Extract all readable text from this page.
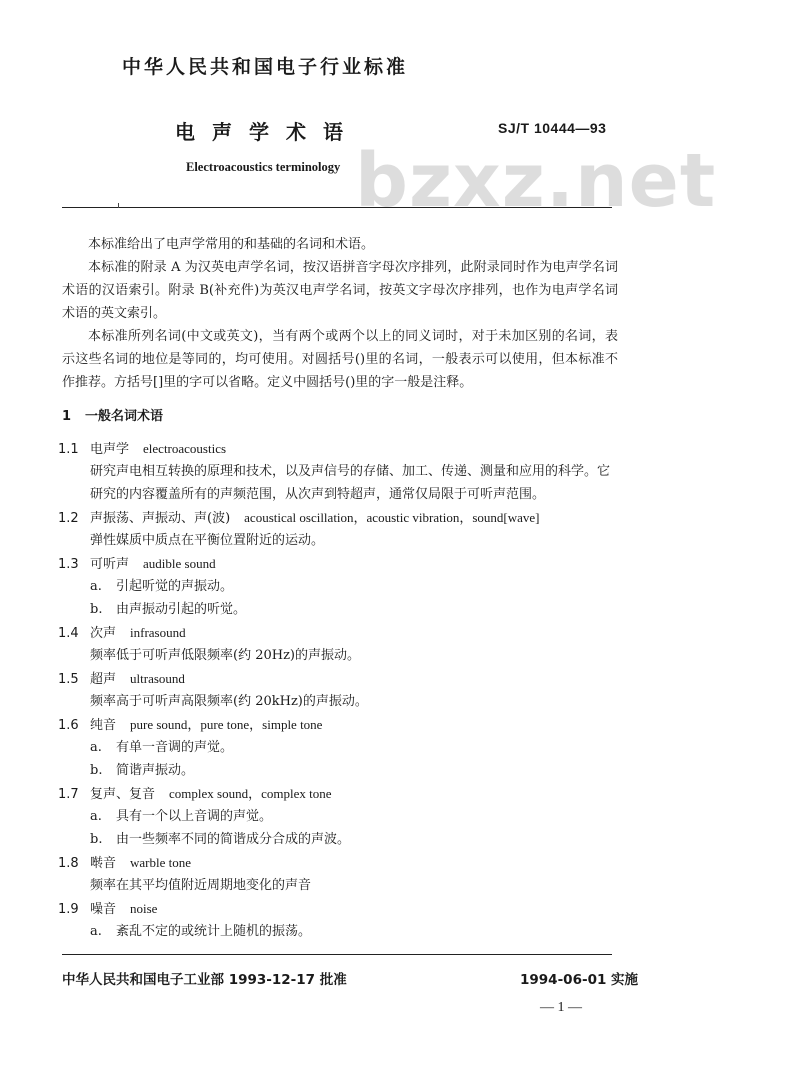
中华人民共和国电子行业标准
电声学术语	SJ/T 10444—93
bzxz.net
Electroacoustics terminology

本标准给出了电声学常用的和基础的名词和术语。

本标准的附录 A 为汉英电声学名词，按汉语拼音字母次序排列，此附录同时作为电声学名词术语的汉语索引。附录 B(补充件)为英汉电声学名词，按英文字母次序排列，也作为电声学名词术语的英文索引。

本标准所列名词(中文或英文)，当有两个或两个以上的同义词时，对于未加区别的名词，表示这些名词的地位是等同的，均可使用。对圆括号()里的名词，一般表示可以使用，但本标准不作推荐。方括号[]里的字可以省略。定义中圆括号()里的字一般是注释。

1 一般名词术语
1.1 电声学 electroacoustics
研究声电相互转换的原理和技术，以及声信号的存储、加工、传递、测量和应用的科学。它
研究的内容覆盖所有的声频范围，从次声到特超声，通常仅局限于可听声范围。
1.2 声振荡、声振动、声(波) acoustical oscillation，acoustic vibration，sound[wave]
弹性媒质中质点在平衡位置附近的运动。
1.3 可听声 audible sound
a. 引起听觉的声振动。
b. 由声振动引起的听觉。
1.4 次声 infrasound
频率低于可听声低限频率(约 20Hz)的声振动。
1.5 超声 ultrasound
频率高于可听声高限频率(约 20kHz)的声振动。
1.6 纯音 pure sound，pure tone，simple tone
a. 有单一音调的声觉。
b. 简谐声振动。
1.7 复声、复音 complex sound，complex tone
a. 具有一个以上音调的声觉。
b. 由一些频率不同的简谐成分合成的声波。
1.8 啭音 warble tone
频率在其平均值附近周期地变化的声音
1.9 噪音 noise
a. 紊乱不定的或统计上随机的振荡。
中华人民共和国电子工业部 1993-12-17 批准	1994-06-01 实施
— 1 —
